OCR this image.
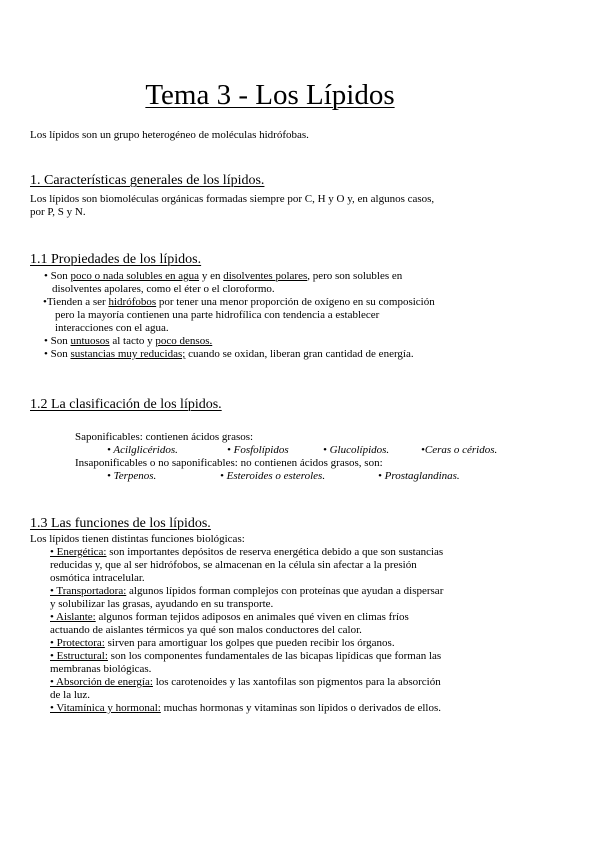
Tema 3 - Los Lípidos
Los lípidos son un grupo heterogéneo de moléculas hidrófobas.
1. Características generales de los lípidos.
Los lípidos son biomoléculas orgánicas formadas siempre por C, H y O y, en algunos casos,
por P, S y N.
1.1 Propiedades de los lípidos.
• Son poco o nada solubles en agua y en disolventes polares, pero son solubles en
disolventes apolares, como el éter o el cloroformo.
•Tienden a ser hidrófobos por tener una menor proporción de oxígeno en su composición
pero la mayoría contienen una parte hidrofílica con tendencia a establecer
interacciones con el agua.
• Son untuosos al tacto y poco densos.
• Son sustancias muy reducidas; cuando se oxidan, liberan gran cantidad de energía.
1.2 La clasificación de los lípidos.
Saponificables: contienen ácidos grasos:
• Acilglicéridos.	• Fosfolípidos	• Glucolípidos.	•Ceras o céridos.
Insaponificables o no saponificables: no contienen ácidos grasos, son:
• Terpenos.	• Esteroides o esteroles.	• Prostaglandinas.
1.3 Las funciones de los lípidos.
Los lípidos tienen distintas funciones biológicas:
• Energética: son importantes depósitos de reserva energética debido a que son sustancias
reducidas y, que al ser hidrófobos, se almacenan en la célula sin afectar a la presión
osmótica intracelular.
• Transportadora: algunos lípidos forman complejos con proteínas que ayudan a dispersar
y solubilizar las grasas, ayudando en su transporte.
• Aislante: algunos forman tejidos adiposos en animales qué viven en climas fríos
actuando de aislantes térmicos ya qué son malos conductores del calor.
• Protectora: sirven para amortiguar los golpes que pueden recibir los órganos.
• Estructural: son los componentes fundamentales de las bicapas lipídicas que forman las
membranas biológicas.
• Absorción de energía: los carotenoides y las xantofilas son pigmentos para la absorción
de la luz.
• Vitamínica y hormonal: muchas hormonas y vitaminas son lípidos o derivados de ellos.
